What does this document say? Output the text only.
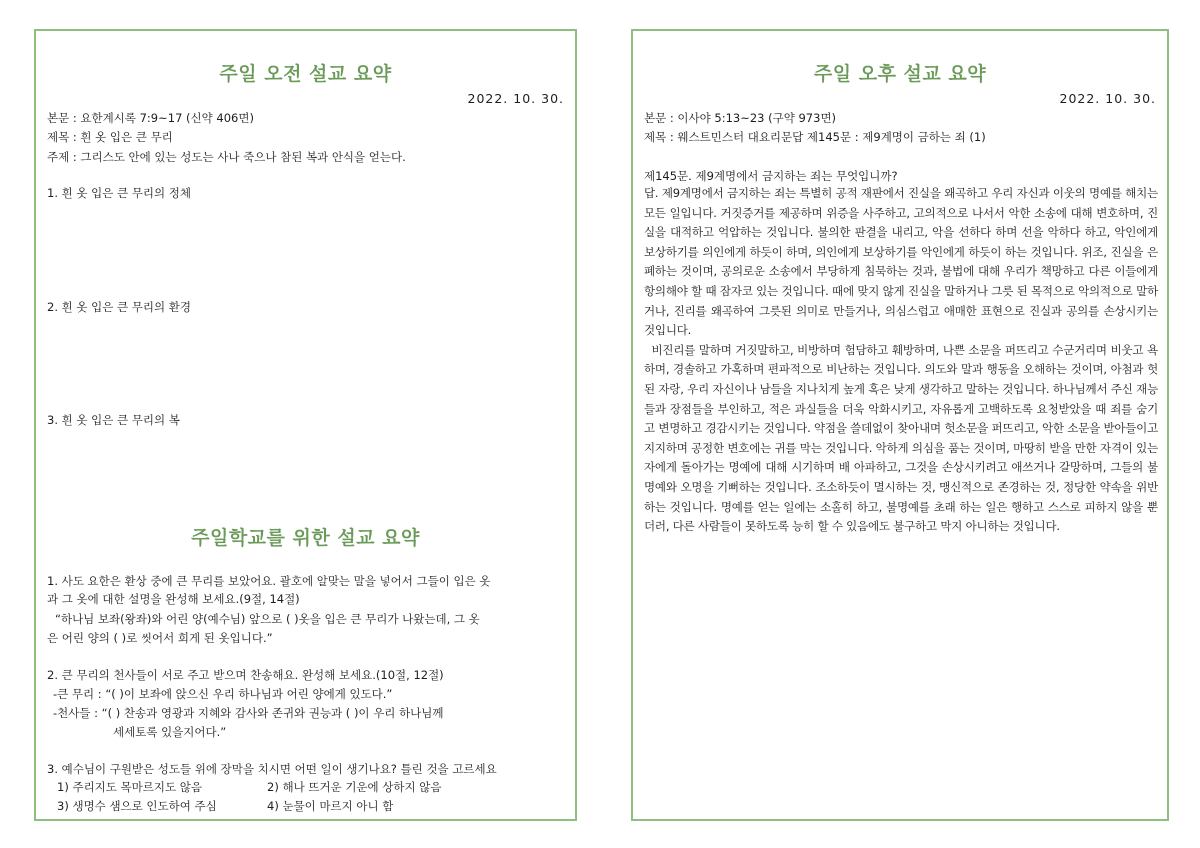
주일 오전 설교 요약
2022. 10. 30.
본문 : 요한계시록 7:9~17 (신약 406면)
제목 : 흰 옷 입은 큰 무리
주제 : 그리스도 안에 있는 성도는 사나 죽으나 참된 복과 안식을 얻는다.
1. 흰 옷 입은 큰 무리의 정체
2. 흰 옷 입은 큰 무리의 환경
3. 흰 옷 입은 큰 무리의 복
주일학교를 위한 설교 요약
1. 사도 요한은 환상 중에 큰 무리를 보았어요. 괄호에 알맞는 말을 넣어서 그들이 입은 옷
과 그 옷에 대한 설명을 완성해 보세요.(9절, 14절)
“하나님 보좌(왕좌)와 어린 양(예수님) 앞으로 ( )옷을 입은 큰 무리가 나왔는데, 그 옷
은 어린 양의 ( )로 씻어서 희게 된 옷입니다.”
2. 큰 무리의 천사들이 서로 주고 받으며 찬송해요. 완성해 보세요.(10절, 12절)
-큰 무리 : “( )이 보좌에 앉으신 우리 하나님과 어린 양에게 있도다.”
-천사들 : “( ) 찬송과 영광과 지혜와 감사와 존귀와 권능과 ( )이 우리 하나님께
세세토록 있을지어다.”
3. 예수님이 구원받은 성도들 위에 장막을 치시면 어떤 일이 생기나요? 틀린 것을 고르세요
1) 주리지도 목마르지도 않음	2) 해나 뜨거운 기운에 상하지 않음
3) 생명수 샘으로 인도하여 주심	4) 눈물이 마르지 아니 함
주일 오후 설교 요약
2022. 10. 30.
본문 : 이사야 5:13~23 (구약 973면)
제목 : 웨스트민스터 대요리문답 제145문 : 제9계명이 금하는 죄 (1)
제145문. 제9계명에서 금지하는 죄는 무엇입니까?

답. 제9계명에서 금지하는 죄는 특별히 공적 재판에서 진실을 왜곡하고 우리 자신과 이웃의 명예를 해치는 모든 일입니다. 거짓증거를 제공하며 위증을 사주하고, 고의적으로 나서서 악한 소송에 대해 변호하며, 진실을 대적하고 억압하는 것입니다. 불의한 판결을 내리고, 악을 선하다 하며 선을 악하다 하고, 악인에게 보상하기를 의인에게 하듯이 하며, 의인에게 보상하기를 악인에게 하듯이 하는 것입니다. 위조, 진실을 은폐하는 것이며, 공의로운 소송에서 부당하게 침묵하는 것과, 불법에 대해 우리가 책망하고 다른 이들에게 항의해야 할 때 잠자코 있는 것입니다. 때에 맞지 않게 진실을 말하거나 그릇 된 목적으로 악의적으로 말하거나, 진리를 왜곡하여 그릇된 의미로 만들거나, 의심스럽고 애매한 표현으로 진실과 공의를 손상시키는 것입니다.

비진리를 말하며 거짓말하고, 비방하며 험담하고 훼방하며, 나쁜 소문을 퍼뜨리고 수군거리며 비웃고 욕하며, 경솔하고 가혹하며 편파적으로 비난하는 것입니다. 의도와 말과 행동을 오해하는 것이며, 아첨과 헛된 자랑, 우리 자신이나 남들을 지나치게 높게 혹은 낮게 생각하고 말하는 것입니다. 하나님께서 주신 재능들과 장점들을 부인하고, 적은 과실들을 더욱 악화시키고, 자유롭게 고백하도록 요청받았을 때 죄를 숨기고 변명하고 경감시키는 것입니다. 약점을 쓸데없이 찾아내며 헛소문을 퍼뜨리고, 악한 소문을 받아들이고 지지하며 공정한 변호에는 귀를 막는 것입니다. 악하게 의심을 품는 것이며, 마땅히 받을 만한 자격이 있는 자에게 돌아가는 명예에 대해 시기하며 배 아파하고, 그것을 손상시키려고 애쓰거나 갈망하며, 그들의 불명예와 오명을 기뻐하는 것입니다. 조소하듯이 멸시하는 것, 맹신적으로 존경하는 것, 정당한 약속을 위반하는 것입니다. 명예를 얻는 일에는 소홀히 하고, 불명예를 초래 하는 일은 행하고 스스로 피하지 않을 뿐더러, 다른 사람들이 못하도록 능히 할 수 있음에도 불구하고 막지 아니하는 것입니다.
